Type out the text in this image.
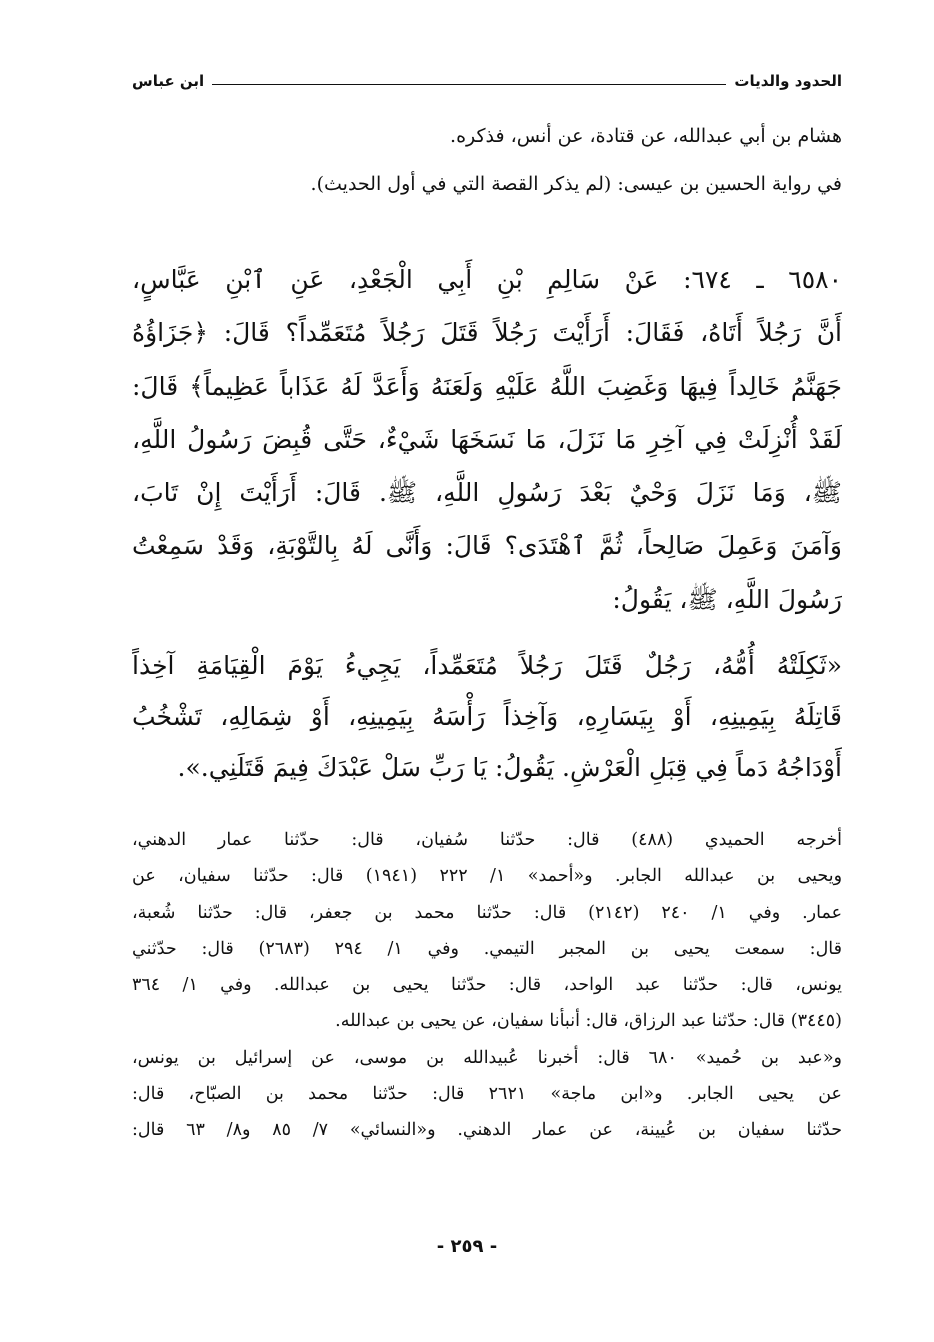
الحدود والديات
ابن عباس
هشام بن أبي عبدالله، عن قتادة، عن أنس، فذكره.
في رواية الحسين بن عيسى: (لم يذكر القصة التي في أول الحديث).
٦٥٨٠ ـ ٦٧٤: عَنْ سَالِمِ بْنِ أَبِي الْجَعْدِ، عَنِ ٱبْنِ عَبَّاسٍ،
أَنَّ رَجُلاً أَتَاهُ، فَقَالَ: أَرَأَيْتَ رَجُلاً قَتَلَ رَجُلاً مُتَعَمِّداً؟ قَالَ: ﴿جَزَاؤُهُ
جَهَنَّمُ خَالِداً فِيهَا وَغَضِبَ اللَّهُ عَلَيْهِ وَلَعَنَهُ وَأَعَدَّ لَهُ عَذَاباً عَظِيماً﴾ قَالَ:
لَقَدْ أُنْزِلَتْ فِي آخِرِ مَا نَزَلَ، مَا نَسَخَهَا شَيْءٌ، حَتَّى قُبِضَ رَسُولُ اللَّهِ،
ﷺ، وَمَا نَزَلَ وَحْيٌ بَعْدَ رَسُولِ اللَّهِ، ﷺ. قَالَ: أَرَأَيْتَ إِنْ تَابَ،
وَآمَنَ وَعَمِلَ صَالِحاً، ثُمَّ ٱهْتَدَى؟ قَالَ: وَأَنَّى لَهُ بِالتَّوْبَةِ، وَقَدْ سَمِعْتُ
رَسُولَ اللَّهِ، ﷺ، يَقُولُ:
«ثَكِلَتْهُ أُمُّهُ، رَجُلٌ قَتَلَ رَجُلاً مُتَعَمِّداً، يَجِيءُ يَوْمَ الْقِيَامَةِ آخِذاً
قَاتِلَهُ بِيَمِينِهِ، أَوْ بِيَسَارِهِ، وَآخِذاً رَأْسَهُ بِيَمِينِهِ، أَوْ شِمَالِهِ، تَشْخُبُ
أَوْدَاجُهُ دَماً فِي قِبَلِ الْعَرْشِ. يَقُولُ: يَا رَبِّ سَلْ عَبْدَكَ فِيمَ قَتَلَنِي.».
أخرجه الحميدي (٤٨٨) قال: حدّثنا سُفيان، قال: حدّثنا عمار الدهني،
ويحيى بن عبدالله الجابر. و«أحمد» ١/ ٢٢٢ (١٩٤١) قال: حدّثنا سفيان، عن
عمار. وفي ١/ ٢٤٠ (٢١٤٢) قال: حدّثنا محمد بن جعفر، قال: حدّثنا شُعبة،
قال: سمعت يحيى بن المجبر التيمي. وفي ١/ ٢٩٤ (٢٦٨٣) قال: حدّثني
يونس، قال: حدّثنا عبد الواحد، قال: حدّثنا يحيى بن عبدالله. وفي ١/ ٣٦٤
(٣٤٤٥) قال: حدّثنا عبد الرزاق، قال: أنبأنا سفيان، عن يحيى بن عبدالله.
و«عبد بن حُميد» ٦٨٠ قال: أخبرنا عُبيدالله بن موسى، عن إسرائيل بن يونس،
عن يحيى الجابر. و«ابن ماجة» ٢٦٢١ قال: حدّثنا محمد بن الصبّاح، قال:
حدّثنا سفيان بن عُيينة، عن عمار الدهني. و«النسائي» ٧/ ٨٥ و٨/ ٦٣ قال:
- ٢٥٩ -
